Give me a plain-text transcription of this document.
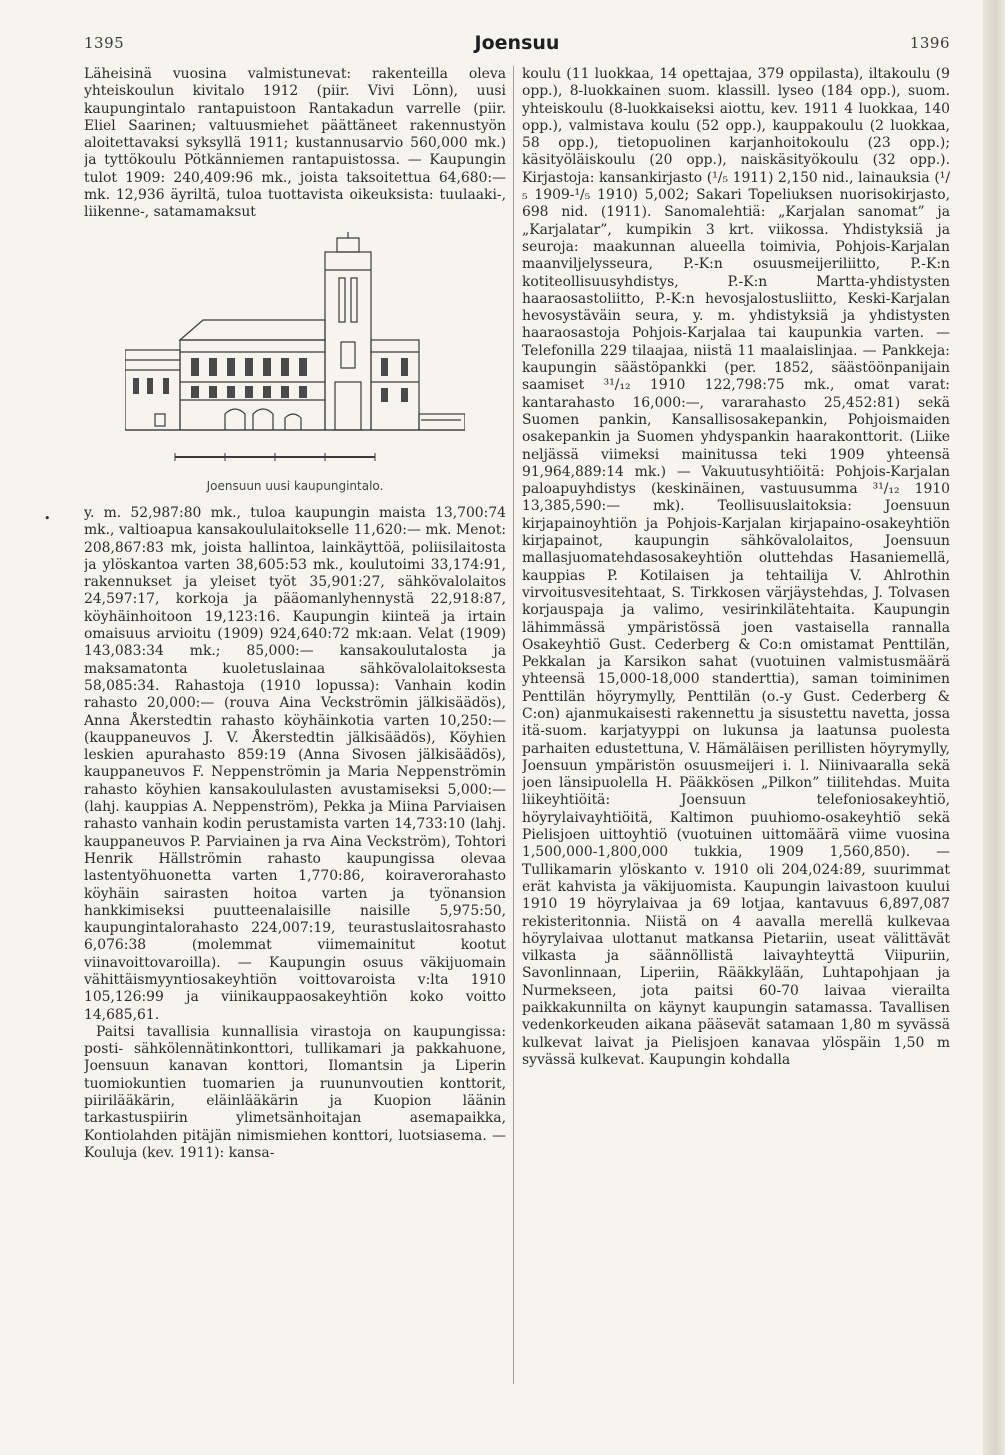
1395	Joensuu	1396

Läheisinä vuosina valmistunevat: rakenteilla oleva yhteiskoulun kivitalo 1912 (piir. Vivi Lönn), uusi kaupungintalo rantapuistoon Rantakadun varrelle (piir. Eliel Saarinen; valtuusmiehet päättäneet rakennustyön aloitettavaksi syksyllä 1911; kustannusarvio 560,000 mk.) ja tyttökoulu Pötkänniemen rantapuistossa. — Kaupungin tulot 1909: 240,409:96 mk., joista taksoitettua 64,680:— mk. 12,936 äyriltä, tuloa tuottavista oikeuksista: tuulaaki-, liikenne-, satamamaksut

Joensuun uusi kaupungintalo.

y. m. 52,987:80 mk., tuloa kaupungin maista 13,700:74 mk., valtioapua kansakoululaitokselle 11,620:— mk. Menot: 208,867:83 mk, joista hallintoa, lainkäyttöä, poliisilaitosta ja ylöskantoa varten 38,605:53 mk., koulutoimi 33,174:91, rakennukset ja yleiset työt 35,901:27, sähkövalolaitos 24,597:17, korkoja ja pääomanlyhennystä 22,918:87, köyhäinhoitoon 19,123:16. Kaupungin kiinteä ja irtain omaisuus arvioitu (1909) 924,640:72 mk:aan. Velat (1909) 143,083:34 mk.; 85,000:— kansakoulutalosta ja maksamatonta kuoletuslainaa sähkövalolaitoksesta 58,085:34. Rahastoja (1910 lopussa): Vanhain kodin rahasto 20,000:— (rouva Aina Veckströmin jälkisäädös), Anna Åkerstedtin rahasto köyhäinkotia varten 10,250:— (kauppaneuvos J. V. Åkerstedtin jälkisäädös), Köyhien leskien apurahasto 859:19 (Anna Sivosen jälkisäädös), kauppaneuvos F. Neppenströmin ja Maria Neppenströmin rahasto köyhien kansakoululasten avustamiseksi 5,000:— (lahj. kauppias A. Neppenström), Pekka ja Miina Parviaisen rahasto vanhain kodin perustamista varten 14,733:10 (lahj. kauppaneuvos P. Parviainen ja rva Aina Veckström), Tohtori Henrik Hällströmin rahasto kaupungissa olevaa lastentyöhuonetta varten 1,770:86, koiraverorahasto köyhäin sairasten hoitoa varten ja työnansion hankkimiseksi puutteenalaisille naisille 5,975:50, kaupungintalorahasto 224,007:19, teurastuslaitosrahasto 6,076:38 (molemmat viimemainitut kootut viinavoittovaroilla). — Kaupungin osuus väkijuomain vähittäismyyntiosakeyhtiön voittovaroista v:lta 1910 105,126:99 ja viinikauppaosakeyhtiön koko voitto 14,685,61.

Paitsi tavallisia kunnallisia virastoja on kaupungissa: posti- sähkölennätinkonttori, tullikamari ja pakkahuone, Joensuun kanavan konttori, Ilomantsin ja Liperin tuomiokuntien tuomarien ja ruununvoutien konttorit, piirilääkärin, eläinlääkärin ja Kuopion läänin tarkastuspiirin ylimetsänhoitajan asemapaikka, Kontiolahden pitäjän nimismiehen konttori, luotsiasema. — Kouluja (kev. 1911): kansa-

koulu (11 luokkaa, 14 opettajaa, 379 oppilasta), iltakoulu (9 opp.), 8-luokkainen suom. klassill. lyseo (184 opp.), suom. yhteiskoulu (8-luokkaiseksi aiottu, kev. 1911 4 luokkaa, 140 opp.), valmistava koulu (52 opp.), kauppakoulu (2 luokkaa, 58 opp.), tietopuolinen karjanhoitokoulu (23 opp.); käsityöläiskoulu (20 opp.), naiskäsityökoulu (32 opp.). Kirjastoja: kansankirjasto (¹/₅ 1911) 2,150 nid., lainauksia (¹/₅ 1909-¹/₅ 1910) 5,002; Sakari Topeliuksen nuorisokirjasto, 698 nid. (1911). Sanomalehtiä: „Karjalan sanomat” ja „Karjalatar”, kumpikin 3 krt. viikossa. Yhdistyksiä ja seuroja: maakunnan alueella toimivia, Pohjois-Karjalan maanviljelysseura, P.-K:n osuusmeijeriliitto, P.-K:n kotiteollisuusyhdistys, P.-K:n Martta-yhdistysten haaraosastoliitto, P.-K:n hevosjalostusliitto, Keski-Karjalan hevosystäväin seura, y. m. yhdistyksiä ja yhdistysten haaraosastoja Pohjois-Karjalaa tai kaupunkia varten. — Telefonilla 229 tilaajaa, niistä 11 maalaislinjaa. — Pankkeja: kaupungin säästöpankki (per. 1852, säästöönpanijain saamiset ³¹/₁₂ 1910 122,798:75 mk., omat varat: kantarahasto 16,000:—, vararahasto 25,452:81) sekä Suomen pankin, Kansallisosakepankin, Pohjoismaiden osakepankin ja Suomen yhdyspankin haarakonttorit. (Liike neljässä viimeksi mainitussa teki 1909 yhteensä 91,964,889:14 mk.) — Vakuutusyhtiöitä: Pohjois-Karjalan paloapuyhdistys (keskinäinen, vastuusumma ³¹/₁₂ 1910 13,385,590:— mk). Teollisuuslaitoksia: Joensuun kirjapainoyhtiön ja Pohjois-Karjalan kirjapaino-osakeyhtiön kirjapainot, kaupungin sähkövalolaitos, Joensuun mallasjuomatehdasosakeyhtiön oluttehdas Hasaniemellä, kauppias P. Kotilaisen ja tehtailija V. Ahlrothin virvoitusvesitehtaat, S. Tirkkosen värjäystehdas, J. Tolvasen korjauspaja ja valimo, vesirinkilätehtaita. Kaupungin lähimmässä ympäristössä joen vastaisella rannalla Osakeyhtiö Gust. Cederberg & Co:n omistamat Penttilän, Pekkalan ja Karsikon sahat (vuotuinen valmistusmäärä yhteensä 15,000-18,000 standerttia), saman toiminimen Penttilän höyrymylly, Penttilän (o.-y Gust. Cederberg & C:on) ajanmukaisesti rakennettu ja sisustettu navetta, jossa itä-suom. karjatyyppi on lukunsa ja laatunsa puolesta parhaiten edustettuna, V. Hämäläisen perillisten höyrymylly, Joensuun ympäristön osuusmeijeri i. l. Niinivaaralla sekä joen länsipuolella H. Pääkkösen „Pilkon” tiilitehdas. Muita liikeyhtiöitä: Joensuun telefoniosakeyhtiö, höyrylaivayhtiöitä, Kaltimon puuhiomo-osakeyhtiö sekä Pielisjoen uittoyhtiö (vuotuinen uittomäärä viime vuosina 1,500,000-1,800,000 tukkia, 1909 1,560,850). — Tullikamarin ylöskanto v. 1910 oli 204,024:89, suurimmat erät kahvista ja väkijuomista. Kaupungin laivastoon kuului 1910 19 höyrylaivaa ja 69 lotjaa, kantavuus 6,897,087 rekisteritonnia. Niistä on 4 aavalla merellä kulkevaa höyrylaivaa ulottanut matkansa Pietariin, useat välittävät vilkasta ja säännöllistä laivayhteyttä Viipuriin, Savonlinnaan, Liperiin, Rääkkylään, Luhtapohjaan ja Nurmekseen, jota paitsi 60-70 laivaa vierailta paikkakunnilta on käynyt kaupungin satamassa. Tavallisen vedenkorkeuden aikana pääsevät satamaan 1,80 m syvässä kulkevat laivat ja Pielisjoen kanavaa ylöspäin 1,50 m syvässä kulkevat. Kaupungin kohdalla

•
